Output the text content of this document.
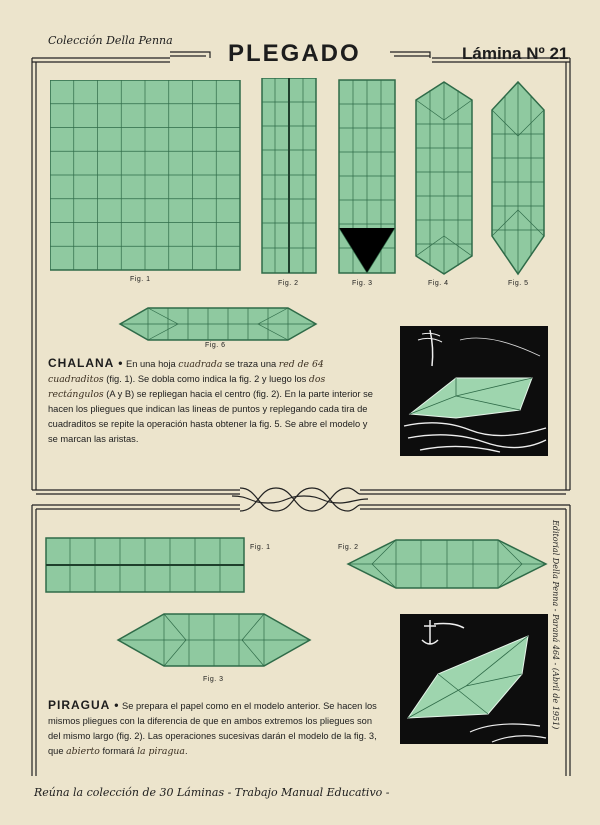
Colección Della Penna PLEGADO	Lámina Nº 21
Fig. 1
Fig. 2	Fig. 3	Fig. 4	Fig. 5
Fig. 6
CHALANA • En una hoja cuadrada se traza una red de 64 cuadraditos (fig. 1). Se dobla como indica la fig. 2 y luego los dos rectángulos (A y B) se repliegan hacia el centro (fig. 2). En la parte interior se hacen los pliegues que indican las lineas de puntos y replegando cada tira de cuadraditos se repite la operación hasta obtener la fig. 5. Se abre el modelo y se marcan las aristas.
Fig. 1	Fig. 2
Fig. 3
PIRAGUA • Se prepara el papel como en el modelo anterior. Se hacen los mismos pliegues con la diferencia de que en ambos extremos los pliegues son del mismo largo (fig. 2). Las operaciones sucesivas darán el modelo de la fig. 3, que abierto formará la piragua.
Editorial Della Penna - Paraná 464 - (Abril de 1951)
Reúna la colección de 30 Láminas - Trabajo Manual Educativo -
